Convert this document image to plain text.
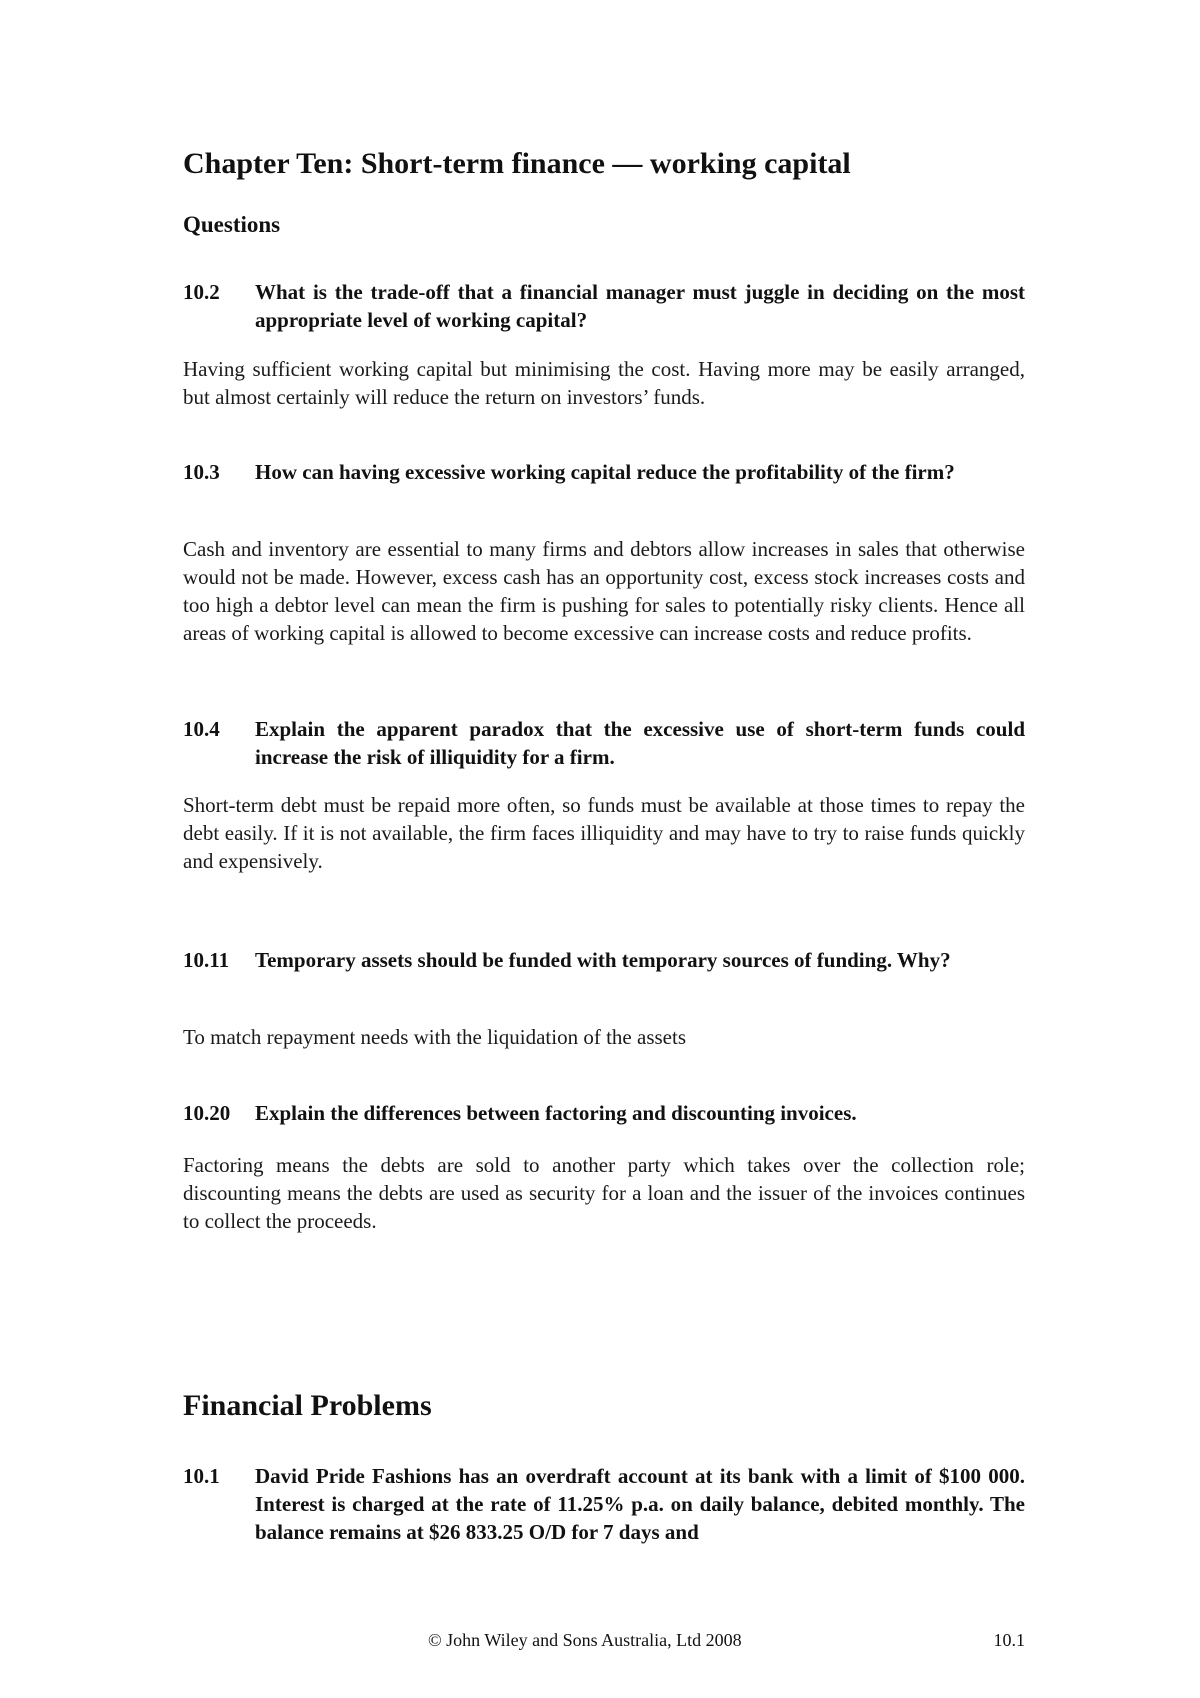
Chapter Ten: Short-term finance — working capital
Questions
10.2	What is the trade-off that a financial manager must juggle in deciding on the most appropriate level of working capital?

Having sufficient working capital but minimising the cost. Having more may be easily arranged, but almost certainly will reduce the return on investors’ funds.

10.3	How can having excessive working capital reduce the profitability of the firm?

Cash and inventory are essential to many firms and debtors allow increases in sales that otherwise would not be made. However, excess cash has an opportunity cost, excess stock increases costs and too high a debtor level can mean the firm is pushing for sales to potentially risky clients. Hence all areas of working capital is allowed to become excessive can increase costs and reduce profits.

10.4	Explain the apparent paradox that the excessive use of short-term funds could increase the risk of illiquidity for a firm.

Short-term debt must be repaid more often, so funds must be available at those times to repay the debt easily. If it is not available, the firm faces illiquidity and may have to try to raise funds quickly and expensively.

10.11	Temporary assets should be funded with temporary sources of funding. Why?

To match repayment needs with the liquidation of the assets

10.20	Explain the differences between factoring and discounting invoices.

Factoring means the debts are sold to another party which takes over the collection role; discounting means the debts are used as security for a loan and the issuer of the invoices continues to collect the proceeds.

Financial Problems
10.1	David Pride Fashions has an overdraft account at its bank with a limit of $100 000. Interest is charged at the rate of 11.25% p.a. on daily balance, debited monthly. The balance remains at $26 833.25 O/D for 7 days and
© John Wiley and Sons Australia, Ltd 2008	10.1
